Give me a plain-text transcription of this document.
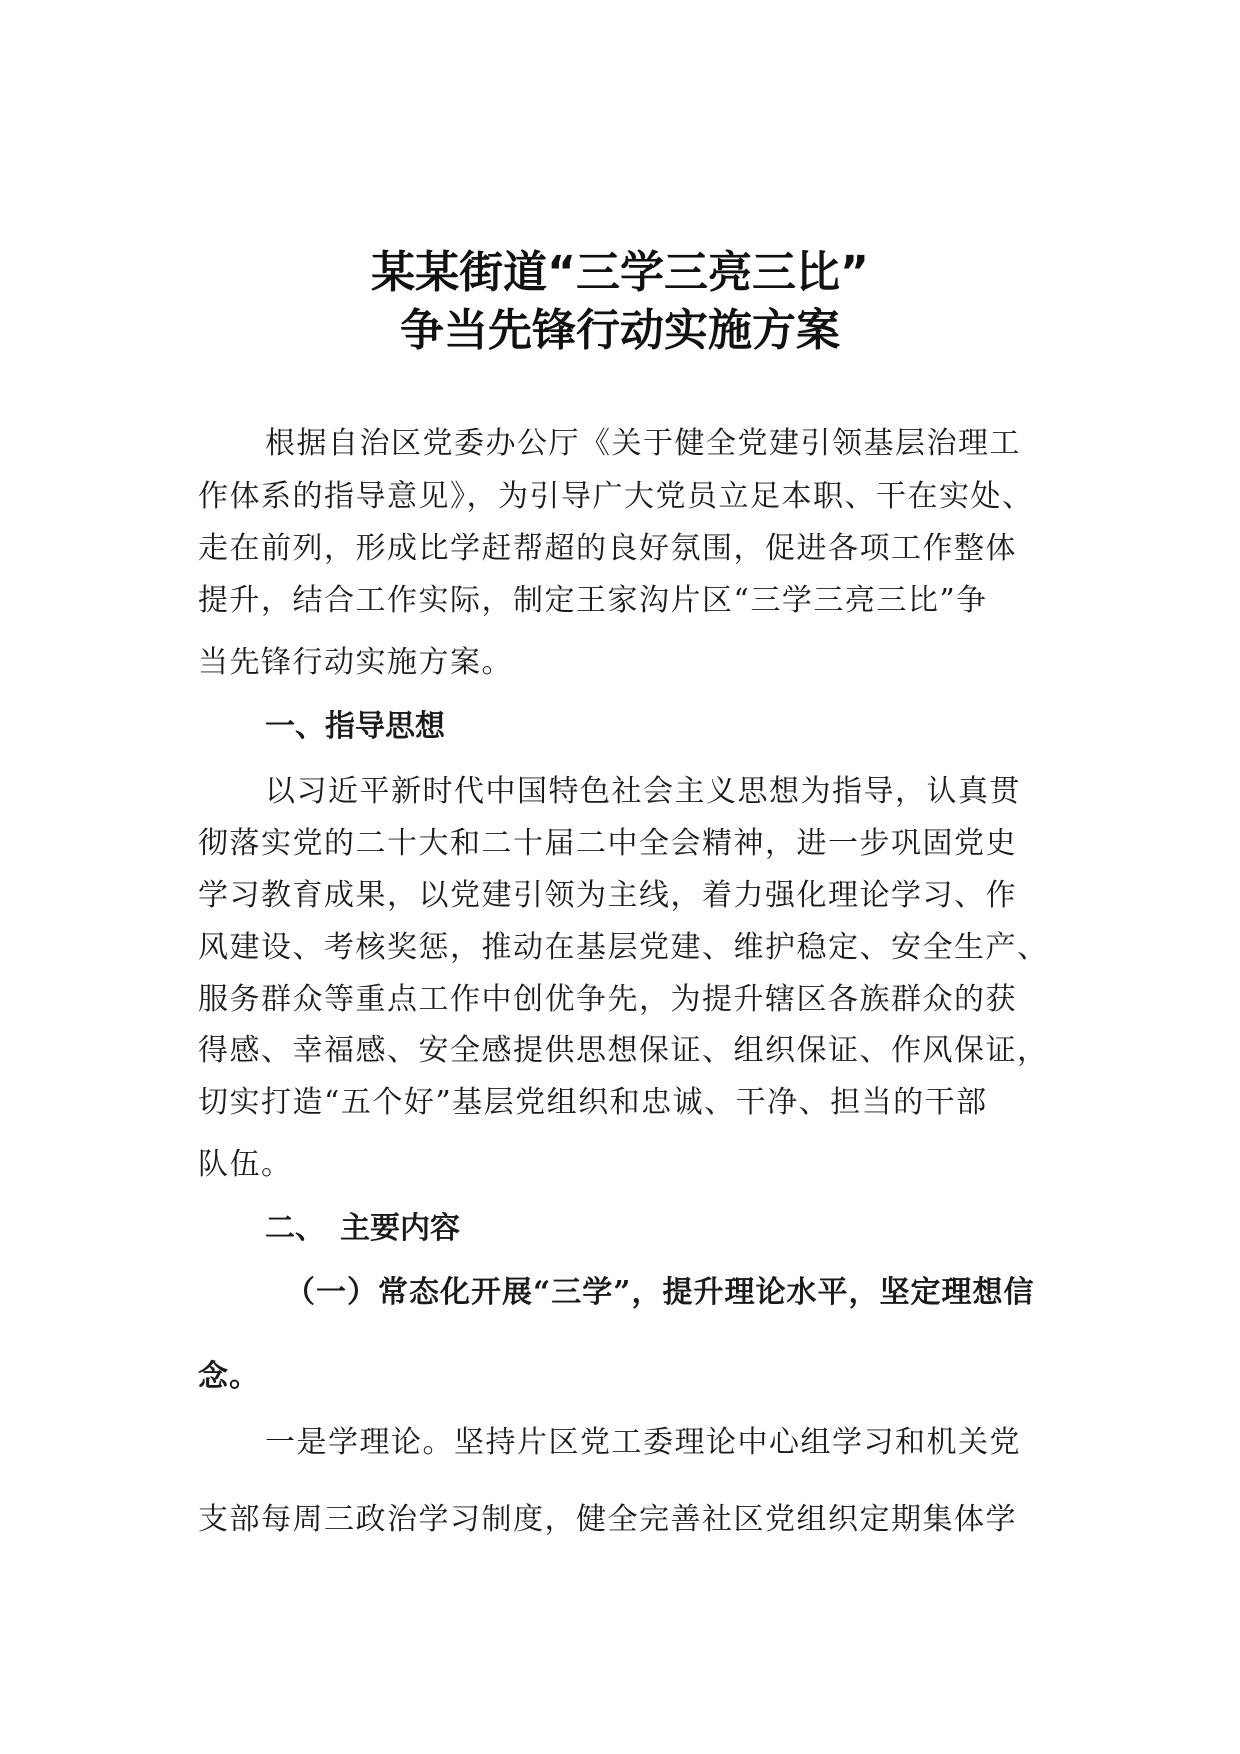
某某街道“三学三亮三比”
争当先锋行动实施方案
根据自治区党委办公厅《关于健全党建引领基层治理工
作体系的指导意见》，为引导广大党员立足本职、干在实处、
走在前列，形成比学赶帮超的良好氛围，促进各项工作整体
提升，结合工作实际，制定王家沟片区“三学三亮三比”争
当先锋行动实施方案。
一、指导思想
以习近平新时代中国特色社会主义思想为指导，认真贯
彻落实党的二十大和二十届二中全会精神，进一步巩固党史
学习教育成果，以党建引领为主线，着力强化理论学习、作
风建设、考核奖惩，推动在基层党建、维护稳定、安全生产、
服务群众等重点工作中创优争先，为提升辖区各族群众的获
得感、幸福感、安全感提供思想保证、组织保证、作风保证，
切实打造“五个好”基层党组织和忠诚、干净、担当的干部
队伍。
二、　主要内容
（一）常态化开展“三学”，提升理论水平，坚定理想信
念。
一是学理论。坚持片区党工委理论中心组学习和机关党
支部每周三政治学习制度，健全完善社区党组织定期集体学
